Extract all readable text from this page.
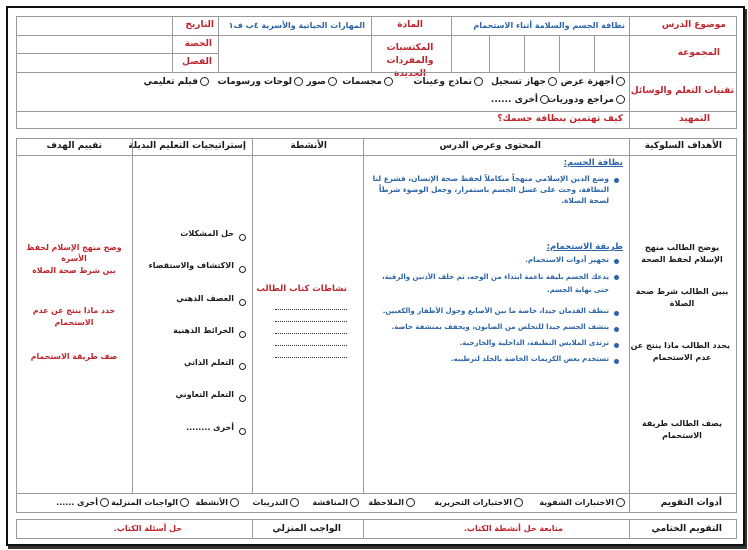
موضوع الدرس
نظافة الجسم والسلامة أثناء الاستحمام
المادة
المهارات الحياتية والأسرية ٤ب ف١
التاريخ
المجموعة
المكتسبات والمفردات الجديدة
الحصة
الفصل
تقنيات التعلم والوسائل
أجهزة عرض
جهاز تسجيل
نماذج وعينات
مجسمات
صور
لوحات ورسومات
فيلم تعليمي
مراجع ودوريات
أخرى ......
التمهيد
كيف تهتمين بنظافة جسمك؟
الأهداف السلوكية
المحتوى وعرض الدرس
الأنشطة
إستراتيجيات التعليم البديلة
تقييم الهدف
يوضح الطالب منهج
الإسلام لحفظ الصحة
يبين الطالب شرط صحة
الصلاة
يحدد الطالب ماذا ينتج عن
عدم الاستحمام
يصف الطالب طريقة
الاستحمام
نظافة الجسم:
وضع الدين الإسلامي منهجاً متكاملاً لحفظ صحة الإنسان، فشرع لنا
النظافة، وحث على غسل الجسم باستمرار، وجعل الوضوء شرطاً
لصحة الصلاة.
طريقة الاستحمام:
تجهيز أدوات الاستحمام.
يدعك الجسم بليفة ناعمة ابتداء من الوجه، ثم خلف الأذنين والرقبة،
حتى نهاية الجسم.
تنظف القدمان جيدا، خاصة ما بين الأصابع وحول الأظفار والكعبين.
ينشف الجسم جيدا للتخلص من الصابون، ويجفف بمنشفة خاصة.
ترتدى الملابس النظيفة، الداخلية والخارجية.
تستخدم بعض الكريمات الخاصة بالجلد لترطيبه.
نشاطات كتاب الطالب
حل المشكلات
الاكتشاف والاستقصاء
العصف الذهني
الخرائط الذهنية
التعلم الذاتي
التعلم التعاوني
أخرى ........
وضح منهج الإسلام لحفظ
الأسرة
بين شرط صحة الصلاة
حدد ماذا ينتج عن عدم
الاستحمام
صف طريقة الاستحمام
أدوات التقويم
الاختبارات الشفوية
الاختبارات التحريرية
الملاحظة
المناقشة
التدريبات
الأنشطة
الواجبات المنزلية
أخرى ......
التقويم الختامي
متابعة حل أنشطة الكتاب.
الواجب المنزلي
حل أسئلة الكتاب.
